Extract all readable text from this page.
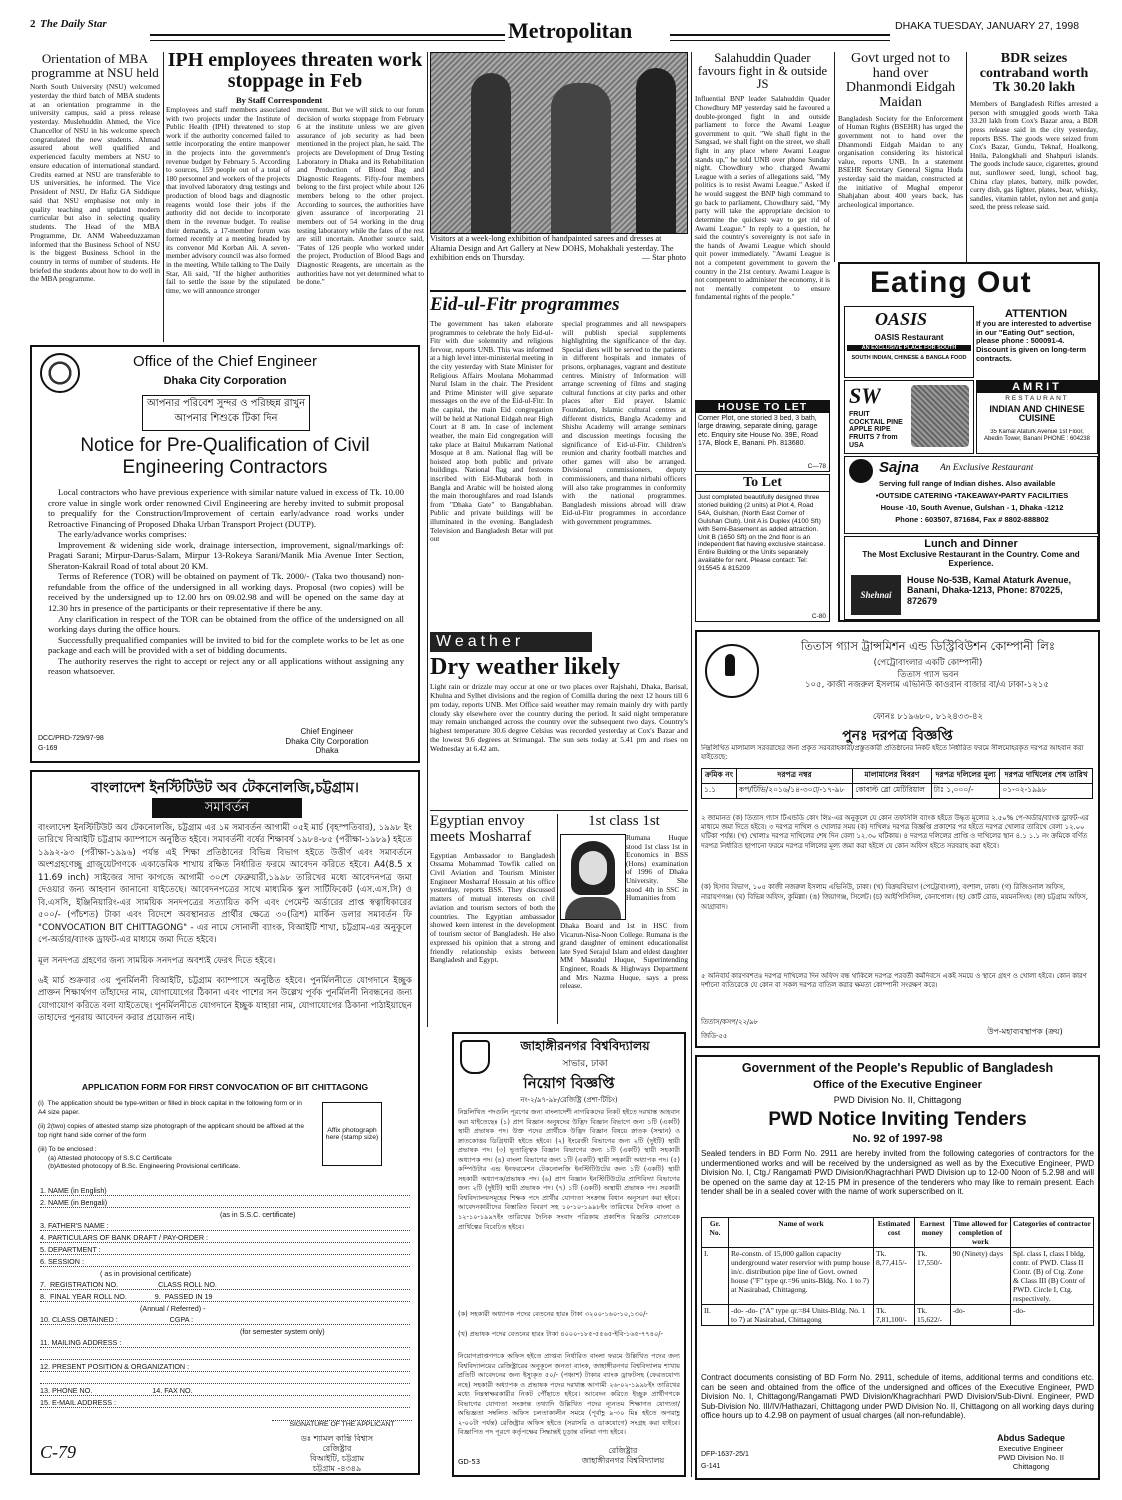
2 The Daily Star	Metropolitan	DHAKA TUESDAY, JANUARY 27, 1998
Orientation of MBA programme at NSU held
North South University (NSU) welcomed yesterday the third batch of MBA students at an orientation programme in the university campus, said a press release yesterday. Muslehuddin Ahmed, the Vice Chancellor of NSU in his welcome speech congratulated the new students. Ahmad assured about well qualified and experienced faculty members at NSU to ensure education of international standard. Credits earned at NSU are transferable to US universities, he informed. The Vice President of NSU, Dr Hafiz GA Siddique said that NSU emphasise not only in quality teaching and updated modern curricular but also in selecting quality students. The Head of the MBA Programme, Dr. ANM Waheeduzzaman informed that the Business School of NSU is the biggest Business School in the country in terms of number of students. He briefed the students about how to do well in the MBA programme.
IPH employees threaten work stoppage in Feb
By Staff Correspondent
Employees and staff members associated with two projects under the Institute of Public Health (IPH) threatened to stop work if the authority concerned failed to settle incorporating the entire manpower in the projects into the government's revenue budget by February 5. According to sources, 159 people out of a total of 180 personnel and workers of the projects that involved laboratory drug testings and production of blood bags and diagnostic reagents would lose their jobs if the authority did not decide to incorporate them in the revenue budget. To realise their demands, a 17-member forum was formed recently at a meeting headed by its convenor Md Korban Ali. A seven-member advisory council was also formed in the meeting. While talking to The Daily Star, Ali said, "If the higher authorities fail to settle the issue by the stipulated time, we will announce stronger
movement. But we will stick to our forum decision of works stoppage from February 6 at the institute unless we are given assurance of job security as had been mentioned in the project plan, he said. The projects are Development of Drug Testing Laboratory in Dhaka and its Rehabilitation and Production of Blood Bag and Diagnostic Reagents. Fifty-four members belong to the first project while about 126 members belong to the other project. According to sources, the authorities have given assurance of incorporating 21 members out of 54 working in the drug testing laboratory while the fates of the rest are still uncertain. Another source said, "Fates of 126 people who worked under the project, Production of Blood Bags and Diagnostic Reagents, are uncertain as the authorities have not yet determined what to be done."
Visitors at a week-long exhibition of handpainted sarees and dresses at Altamia Design and Art Gallery at New DOHS, Mohakhali yesterday. The exhibition ends on Thursday.	— Star photo
Eid-ul-Fitr programmes
The government has taken elaborate programmes to celebrate the holy Eid-ul-Fitr with due solemnity and religious fervour, reports UNB. This was informed at a high level inter-ministerial meeting in the city yesterday with State Minister for Religious Affairs Moulana Mohammad Nurul Islam in the chair. The President and Prime Minister will give separate messages on the eve of the Eid-ul-Fitr. In the capital, the main Eid congregation will be held at National Eidgah near High Court at 8 am. In case of inclement weather, the main Eid congregation will take place at Baitul Mukarram National Mosque at 8 am. National flag will be hoisted atop both public and private buildings. National flag and festoons inscribed with Eid-Mubarak both in Bangla and Arabic will be hoisted along the main thoroughfares and road Islands from "Dhaka Gate" to Bangabhaban. Public and private buildings will be illuminated in the evening. Bangladesh Television and Bangladesh Betar will put out
special programmes and all newspapers will publish special supplements highlighting the significance of the day. Special diets will be served to the patients in different hospitals and inmates of prisons, orphanages, vagrant and destitute centres. Ministry of Information will arrange screening of films and staging cultural functions at city parks and other places after Eid prayer. Islamic Foundation, Islamic cultural centres at different districts, Bangla Academy and Shishu Academy will arrange seminars and discussion meetings focusing the significance of Eid-ul-Fitr. Children's reunion and charity football matches and other games will also be arranged. Divisional commissioners, deputy commissioners, and thana nirbahi officers will also take programmes in conformity with the national programmes. Bangladesh missions abroad will draw Eid-ul-Fitr programmes in accordance with government programmes.
Salahuddin Quader favours fight in & outside JS
Influential BNP leader Salahuddin Quader Chowdhury MP yesterday said he favoured a double-pronged fight in and outside parliament to force the Awami League government to quit. "We shall fight in the Sangsad, we shall fight on the street, we shall fight in any place where Awami League stands up," he told UNB over phone Sunday night. Chowdhury who charged Awami League with a series of allegations said, "My politics is to resist Awami League." Asked if he would suggest the BNP high command to go back to parliament, Chowdhury said, "My party will take the appropriate decision to determine the quickest way to get rid of Awami League." In reply to a question, he said the country's sovereignty is not safe in the hands of Awami League which should quit power immediately. "Awami League is not a competent government to govern the country in the 21st century. Awami League is not competent to administer the economy, it is not mentally competent to ensure fundamental rights of the people."
Govt urged not to hand over Dhanmondi Eidgah Maidan
Bangladesh Society for the Enforcement of Human Rights (BSEHR) has urged the government not to hand over the Dhanmondi Eidgah Maidan to any organisation considering its historical value, reports UNB. In a statement BSEHR Secretary General Sigma Huda yesterday said the maidan, constructed at the initiative of Mughal emperor Shahjahan about 400 years back, has archeological importance.
BDR seizes contraband worth Tk 30.20 lakh
Members of Bangladesh Rifles arrested a person with smuggled goods worth Taka 33.20 lakh from Cox's Bazar area, a BDR press release said in the city yesterday, reports BSS. The goods were seized from Cox's Bazar, Gundu, Teknaf, Hoalkong, Hnila, Palongkhali and Shahpuri islands. The goods include sauce, cigarettes, ground nut, sunflower seed, lungi, school bag, China clay plates, battery, milk powder, curry dish, gas lighter, plates, bear, whisky, sandles, vitamin tablet, nylon net and gunja seed, the press release said.
Eating Out
OASIS
OASIS Restaurant
AN EXCLUSIVE PLACE FOR SOUTH
SOUTH INDIAN, CHINESE & BANGLA FOOD
ATTENTION
If you are interested to advertise in our "Eating Out" section, please phone : 500091-4. Discount is given on long-term contracts.
SW
FRUIT COCKTAIL PINE APPLE RIPE FRUITS 7 from USA
AMRIT
RESTAURANT
INDIAN AND CHINESE CUISINE
35 Kamal Ataturk Avenue 1st Floor, Abedin Tower, Banani PHONE : 604238
Sajna An Exclusive Restaurant
Serving full range of Indian dishes. Also available
•OUTSIDE CATERING •TAKEAWAY•PARTY FACILITIES
House -10, South Avenue, Gulshan - 1, Dhaka -1212
Phone : 603507, 871684, Fax # 8802-888802
Lunch and Dinner
The Most Exclusive Restaurant in the Country. Come and Experience.
Shehnai
House No-53B, Kamal Ataturk Avenue, Banani, Dhaka-1213, Phone: 870225, 872679
HOUSE TO LET
Corner Plot, one storied 3 bed, 3 bath, large drawing, separate dining, garage etc. Enquiry site House No. 39E, Road 17A, Block E, Banani. Ph. 813680.
C—78
To Let
Just completed beautifully designed three storied building (2 units) at Plot 4, Road 54A, Gulshan, (North East Corner of Gulshan Club). Unit A is Duplex (4100 Sft) with Semi-Basement as added attraction. Unit B (1650 Sft) on the 2nd floor is an independent flat having exclusive staircase. Entire Building or the Units separately available for rent. Please contact: Tel: 915545 & 815209
C-80
Office of the Chief Engineer
Dhaka City Corporation
আপনার পরিবেশ সুন্দর ও পরিচ্ছন্ন রাখুন
আপনার শিশুকে টিকা দিন
Notice for Pre-Qualification of Civil Engineering Contractors
Local contractors who have previous experience with similar nature valued in excess of Tk. 10.00 crore value in single work order renowned Civil Engineering are hereby invited to submit proposal to prequalify for the Construction/Improvement of certain early/advance road works under Retroactive Financing of Proposed Dhaka Urban Transport Project (DUTP).
The early/advance works comprises:
Improvement & widening side work, drainage intersection, improvement, signal/markings of: Pragati Sarani; Mirpur-Darus-Salam, Mirpur 13-Rokeya Sarani/Manik Mia Avenue Inter Section, Sheraton-Kakrail Road of total about 20 KM.
Terms of Reference (TOR) will be obtained on payment of Tk. 2000/- (Taka two thousand) non-refundable from the office of the undersigned in all working days. Proposal (two copies) will be received by the undersigned up to 12.00 hrs on 09.02.98 and will be opened on the same day at 12.30 hrs in presence of the participants or their representative if there be any.
Any clarification in respect of the TOR can be obtained from the office of the undersigned on all working days during the office hours.
Successfully prequalified companies will be invited to bid for the complete works to be let as one package and each will be provided with a set of bidding documents.
The authority reserves the right to accept or reject any or all applications without assigning any reason whatsoever.
DCC/PRD-729/97-98
G-169
Chief Engineer
Dhaka City Corporation
Dhaka
Weather
Dry weather likely
Light rain or drizzle may occur at one or two places over Rajshahi, Dhaka, Barisal, Khulna and Sylhet divisions and the region of Comilla during the next 12 hours till 6 pm today, reports UNB. Met Office said weather may remain mainly dry with partly cloudy sky elsewhere over the country during the period. It said night temperature may remain unchanged across the country over the subsequent two days. Country's highest temperature 30.6 degree Celsius was recorded yesterday at Cox's Bazar and the lowest 9.6 degrees at Srimangal. The sun sets today at 5.41 pm and rises on Wednesday at 6.42 am.
Egyptian envoy meets Mosharraf
Egyptian Ambassador to Bangladesh Ossama Mohammad Towfik called on Civil Aviation and Tourism Minister Engineer Mosharraf Hossain at his office yesterday, reports BSS. They discussed matters of mutual interests on civil aviation and tourism sectors of both the countries. The Egyptian ambassador showed keen interest in the development of tourism sector of Bangladesh. He also expressed his opinion that a strong and friendly relationship exists between Bangladesh and Egypt.
1st class 1st
Rumana Huque stood 1st class 1st in Economics in BSS (Hons) examination of 1996 of Dhaka University. She stood 4th in SSC in Humanities from
Dhaka Board and 1st in HSC from Vicarun-Nisa-Noon College. Rumana is the grand daughter of eminent educationalist late Syed Serajul Islam and eldest daughter MM Masudul Huque, Superintending Engineer, Roads & Highways Department and Mrs Nazma Huque, says a press release.
বাংলাদেশ ইনস্টিটিউট অব টেকনোলজি,চট্টগ্রাম।
সমাবর্তন
বাংলাদেশ ইনস্টিটিউট অব টেকনোলজি, চট্টগ্রাম এর ১ম সমাবর্তন আগামী ০৫ই মার্চ (বৃহস্পতিবার), ১৯৯৮ ইং তারিখে বিআইটি চট্টগ্রাম ক্যাম্পাসে অনুষ্ঠিত হইবে। সমাবর্তনী বর্ষের শিক্ষাবর্ষ ১৯৮৪-৮৫ (পরীক্ষা-১৯৮৯) হইতে ১৯৯২-৯৩ (পরীক্ষা-১৯৯৬) পর্যন্ত এই শিক্ষা প্রতিষ্ঠানের বিভিন্ন বিভাগ হইতে উত্তীর্ণ এবং সমাবর্তনে অংশগ্রহণেচ্ছু গ্রাজুয়েটগণকে একাডেমিক শাখায় রক্ষিত নির্ধারিত ফরমে আবেদন করিতে হইবে। A4(8.5 x 11.69 inch) সাইজের সাদা কাগজে আগামী ৩০শে ফেব্রুয়ারী,১৯৯৮ তারিখের মধ্যে আবেদনপত্র জমা দেওয়ার জন্য আহবান জানানো যাইতেছে। আবেদনপত্রের সাথে মাধ্যমিক স্কুল সার্টিফিকেট (এস.এস.সি) ও বি.এসসি, ইঞ্জিনিয়ারিং-এর সাময়িক সনদপত্রের সত্যায়িত কপি এবং পেমেন্ট অর্ডারের প্রাপ্ত স্বত্বাধিকারের ৫০০/- (পাঁচশত) টাকা এবং বিদেশে অবস্থানরত প্রার্থীর ক্ষেত্রে ৩০(ত্রিশ) মার্কিন ডলার সমাবর্তন ফি "CONVOCATION BIT CHITTAGONG" - এর নামে সোনালী ব্যাংক, বিআইটি শাখা, চট্টগ্রাম-এর অনুকূলে পে-অর্ডার/ব্যাংক ড্রাফট-এর মাধ্যমে জমা দিতে হইবে।
মূল সনদপত্র গ্রহণের জন্য সাময়িক সনদপত্র অবশ্যই ফেরৎ দিতে হইবে।
৬ই মার্চ শুক্রবার ৩য় পুনর্মিলনী বিআইটি, চট্টগ্রাম ক্যাম্পাসে অনুষ্ঠিত হইবে। পুনর্মিলনীতে যোগদানে ইচ্ছুক প্রাক্তন শিক্ষার্থগণ তাঁহাদের নাম, যোগাযোগের ঠিকানা এবং পাশের সন উল্লেখ পূর্বক পুনর্মিলনী নিবন্ধনের জন্য যোগাযোগ করিতে বলা যাইতেছে। পুনর্মিলনীতে যোগদানে ইচ্ছুক যাহারা নাম, যোগাযোগের ঠিকানা পাঠাইয়াছেন তাহাদের পুনরায় আবেদন করার প্রয়োজন নাই।
APPLICATION FORM FOR FIRST CONVOCATION OF BIT CHITTAGONG
(i)  The application should be type-written or filled in block capital in the following form or in A4 size paper.
(ii) 2(two) copies of attested stamp size photograph of the applicant should be affixed at the top right hand side corner of the form
(iii) To be enclosed :
(a) Attested photocopy of S.S.C Certificate
(b)Attested photocopy of B.Sc. Engineering Provisional certificate.
Affix photograph here (stamp size)
1. NAME (in English)
2. NAME (in Bengali)
(as in S.S.C. certificate)
3. FATHER'S NAME :
4. PARTICULARS OF BANK DRAFT / PAY-ORDER :
5. DEPARTMENT :
6. SESSION :
( as in provisional certificate)
7.  REGISTRATION NO.                    CLASS ROLL NO.
8.  FINAL YEAR ROLL NO.              9.  PASSED IN 19
(Annual / Referred) -
10. CLASS OBTAINED :                          CGPA :
(for semester system only)
11. MAILING ADDRESS :
12. PRESENT POSITION & ORGANIZATION :
13. PHONE NO.                              14. FAX NO.
15. E-MAIL ADDRESS :
SIGNATURE OF THE APPLICANT
ডঃ শ্যামল কান্তি বিশ্বাস
রেজিষ্ট্রার
বিআইটি, চট্টগ্রাম
চট্টগ্রাম -৪৩৪৯
C-79
তিতাস গ্যাস ট্রান্সমিশন এন্ড ডিস্ট্রিবিউশন কোম্পানী লিঃ
(পেট্রোবাংলার একটি কোম্পানী)
তিতাস গ্যাস ভবন
১০৫, কাজী নজরুল ইসলাম এভিনিউ কাওরান বাজার বা/এ ঢাকা-১২১৫
ফোনঃ ৮১৯৬৮০, ৮১২৪৩৩-৪২
পুনঃ দরপত্র বিজ্ঞপ্তি
নিম্নলিখিত মালামাল সরবরাহের জন্য প্রকৃত সরবরাহকারী/প্রস্তুতকারী প্রতিষ্ঠানের নিকট হইতে নির্ধারিত ফরমে সীলমোহরকৃত দরপত্র আহবান করা যাইতেছে:
ক্রমিক নং	দরপত্র নম্বর	মালামালের বিবরণ	দরপত্র দলিলের মূল্য	দরপত্র দাখিলের শেষ তারিখ
১.১	কপ/টিভি/২০১৬/১৪-৩০ঢ়ে-১৭-৯৮	কোবাল্ট ব্লো মেটিরিয়াল	টাঃ ১,০০০/-	০১-০২-১৯৯৮
২ জামানত (ক) তিতাস গ্যাস টিএন্ডডি কোং লিঃ-এর অনুকূলে যে কোন তফসিলি ব্যাংক হইতে উদ্ধৃত মূল্যের ২.৫০% পে-অর্ডার/ব্যাংক ড্রাফট-এর মাধ্যমে জমা দিতে হইবে। ৩ দরপত্র দাখিল ও খোলার সময় (ক) দাখিলঃ দরপত্র বিজ্ঞপ্তি প্রকাশের পর হইতে দরপত্র খোলার তারিখে বেলা ১২.০০ ঘটিকা পর্যন্ত। (খ) খোলাঃ দরপত্র দাখিলের শেষ দিন বেলা ১২.৩০ ঘটিকায়। ৪ দরপত্র দলিলের প্রাপ্তি ও দাখিলের স্থান ৪.১ ১.১ নং ক্রমিকে বর্ণিত দরপত্র নির্ধারিত ছাপানো ফরমে দরপত্র দলিলের মূল্য জমা করা হইলে যে কোন অফিস হইতে সরবরাহ করা হইবে।
(ক) হিসাব বিভাগ, ১০৫ কাজী নজরুল ইসলাম এভিনিউ, ঢাকা। (খ) বিক্রয়বিভাগ (পেট্রোবাংলা), বংশাল, ঢাকা। (গ) রিজিওনাল অফিস, নারায়ণগঞ্জ। (ঘ) বিভিন্ন অফিস, কুমিল্লা। (ঙ) জিয়াগঞ্জ, সিলেট। (চ) আইপিসিসিল, বেনাপোল। (ছ) কোর্ট রোড, ময়মনসিংহ। (জ) চট্টগ্রাম অফিস, আগ্রাবাদ।
৫ অনিবার্য কারণবশতঃ দরপত্র দাখিলের দিন অফিস বন্ধ থাকিলে দরপত্র পরবর্তী কর্মদিবসে একই সময়ে ও স্থানে গ্রহণ ও খোলা হইবে। কোন কারণ দর্শানো ব্যতিরেকে যে কোন বা সকল দরপত্র বাতিল করার ক্ষমতা কোম্পানী সংরক্ষণ করে।
তিতাস/কসপ/২২/৯৮
জিডি-৫৫	উপ-মহাব্যবস্থাপক (ক্রয়)
জাহাঙ্গীরনগর বিশ্ববিদ্যালয়
সাভার, ঢাকা
নিয়োগ বিজ্ঞপ্তি
নং-২/৯৭-৯৮/রেজিষ্ট্রি (প্রশা-টিচিং)
নিম্নলিখিত পদগুলি পূরণের জন্য বাংলাদেশী নাগরিকদের নিকট হইতে দরখাস্ত আহবান করা যাইতেছেঃ (১) প্রাণ বিজ্ঞান অনুষদের উদ্ভিদ বিজ্ঞান বিভাগে জন্য ১টি (একটি) স্থায়ী প্রভাষক পদ। উক্ত পদের প্রার্থীকে উদ্ভিদ বিজ্ঞান বিষয়ে স্নাতক (সম্মান) ও স্নাতকোত্তর ডিগ্রিধারী হইতে হইবে। (২) ইংরেজী বিভাগের জন্য ২টি (দুইটি) স্থায়ী প্রভাষক পদ। (৩) ভূতাত্ত্বিক বিজ্ঞান বিভাগের জন্য ১টি (একটি) স্থায়ী সহকারী অধ্যাপক পদ। (৪) বাংলা বিভাগের জন্য ১টি (একটি) স্থায়ী সহকারী অধ্যাপক পদ। (৫) কম্পিউটার এন্ড ইনফরমেশন টেকনোলজি ইনস্টিটিউটের জন্য ১টি (একটি) স্থায়ী সহকারী অধ্যাপক/প্রভাষক পদ। (৬) প্রাণ বিজ্ঞান ইনস্টিটিউটের প্রাণিবিদ্যা বিভাগের জন্য ২টি (দুইটি) স্থায়ী প্রভাষক পদ। (৭) ১টি (একটি) অস্থায়ী প্রভাষক পদ। সরকারী বিশ্ববিদ্যালয়সমূহের শিক্ষক পদে প্রার্থীর যোগ্যতা সংক্রান্ত বিধান অনুসরণ করা হইবে। আবেদনকারীদের বিস্তারিত বিবরণ সহ ১০-১০-১৯৯৮ইং তারিখের দৈনিক বাংলা ও ১২-১০-১৯৯৭ইং তারিখের দৈনিক সংবাদ পত্রিকায় প্রকাশিত বিজ্ঞপ্তি মোতাবেক প্রার্থিত্বের বিবেচিত হইবে।
(ক) সহকারী অধ্যাপক পদের বেতনের হারঃ টাকা ৩২০০-১৬০-১০,১৩০/-
(খ) প্রভাষক পদের বেতনের হারঃ টাকা ৪০০০-১৮৫-৫৫৬৫-ইবি-১৬৫-৭৭৪০/-
নিয়োগপ্রাপ্তগণকে অফিস হইতে প্রাপ্তব্য নির্ধারিত বাংলা ফরমে উল্লিখিত পদের জন্য বিশ্ববিদ্যালয়ের রেজিষ্ট্রারের অনুকূলে জনতা ব্যাংক, জাহাঙ্গীরনগর বিশ্ববিদ্যালয় শাখায় প্রতিটি আবেদনের জন্য ইস্যুকৃত ৫০/- (পঞ্চাশ) টাকার ব্যাংক ড্রাফটসহ (ফেরতযোগ্য নহে) সহকারী অধ্যাপক ও প্রভাষক পদের দরখাস্ত আগামী ২৬-০২-১৯৯৮ইং তারিখের মধ্যে নিম্নস্বাক্ষরকারীর নিকট পৌঁছাতে হইবে। আবেদন করিতে ইচ্ছুক প্রার্থীগণকে বিভাগের যোগ্যতা সংক্রান্ত তথ্যাদি উল্লিখিত পদের ন্যূনতম শিক্ষাগত যোগ্যতা/অভিজ্ঞতা সম্বলিত অফিস চলতাকালীন সময়ে (পূর্বাহ্ণ ৯-৩০ মিঃ হইতে অপরাহ্ণ ২-০০টা পর্যন্ত) রেজিষ্ট্রার অফিস হইতে (সরাসরি ও ডাকযোগে) সংগ্রহ করা যাইবে। বিজ্ঞাপিত পদ পূরণে কর্তৃপক্ষের সিদ্ধান্তই চূড়ান্ত বলিয়া গণ্য হইবে।
GD-53
রেজিষ্ট্রার
জাহাঙ্গীরনগর বিশ্ববিদ্যালয়
Government of the People's Republic of Bangladesh
Office of the Executive Engineer
PWD Division No. II, Chittagong
PWD Notice Inviting Tenders
No. 92 of 1997-98
Sealed tenders in BD Form No. 2911 are hereby invited from the following categories of contractors for the undermentioned works and will be received by the undersigned as well as by the Executive Engineer, PWD Division No. I, Ctg./ Rangamati PWD Division/Khagrachhari PWD Division up to 12-00 Noon of 5.2.98 and will be opened on the same day at 12-15 PM in presence of the tenderers who may like to remain present. Each tender shall be in a sealed cover with the name of work superscribed on it.
Gr. No.	Name of work	Estimated cost	Earnest money	Time allowed for completion of work	Categories of contractor
I.	Re-constn. of 15,000 gallon capacity underground water reservior with pump house in/c. distribution pipe line of Govt. owned house ("F" type qr.=96 units-Bldg. No. 1 to 7) at Nasirabad, Chittagong.	Tk. 8,77,415/-	Tk. 17,550/-	90 (Ninety) days	Spl. class I, class I bldg. contr. of PWD. Class II Contr. (B) of Ctg. Zone & Class III (B) Contr of PWD. Circle I, Ctg. respectively.
II.	-do- -do- ("A" type qr.=84 Units-Bldg. No. 1 to 7) at Nasirabad, Chittagong	Tk. 7,81,100/-	Tk. 15,622/-	-do-	-do-
Contract documents consisting of BD Form No. 2911, schedule of items, additional terms and conditions etc. can be seen and obtained from the office of the undersigned and offices of the Executive Engineer, PWD Division No. I, Chittagong/Rangamati PWD Division/Khagrachhari PWD Division/Sub-Divnl. Engineer, PWD Sub-Division No. III/IV/Hathazari, Chittagong under PWD Division No. II, Chittagong on all working days during office hours up to 4.2.98 on payment of usual charges (all non-refundable).
DFP-1637-25/1
G-141
Abdus Sadeque
Executive Engineer
PWD Division No. II
Chittagong
